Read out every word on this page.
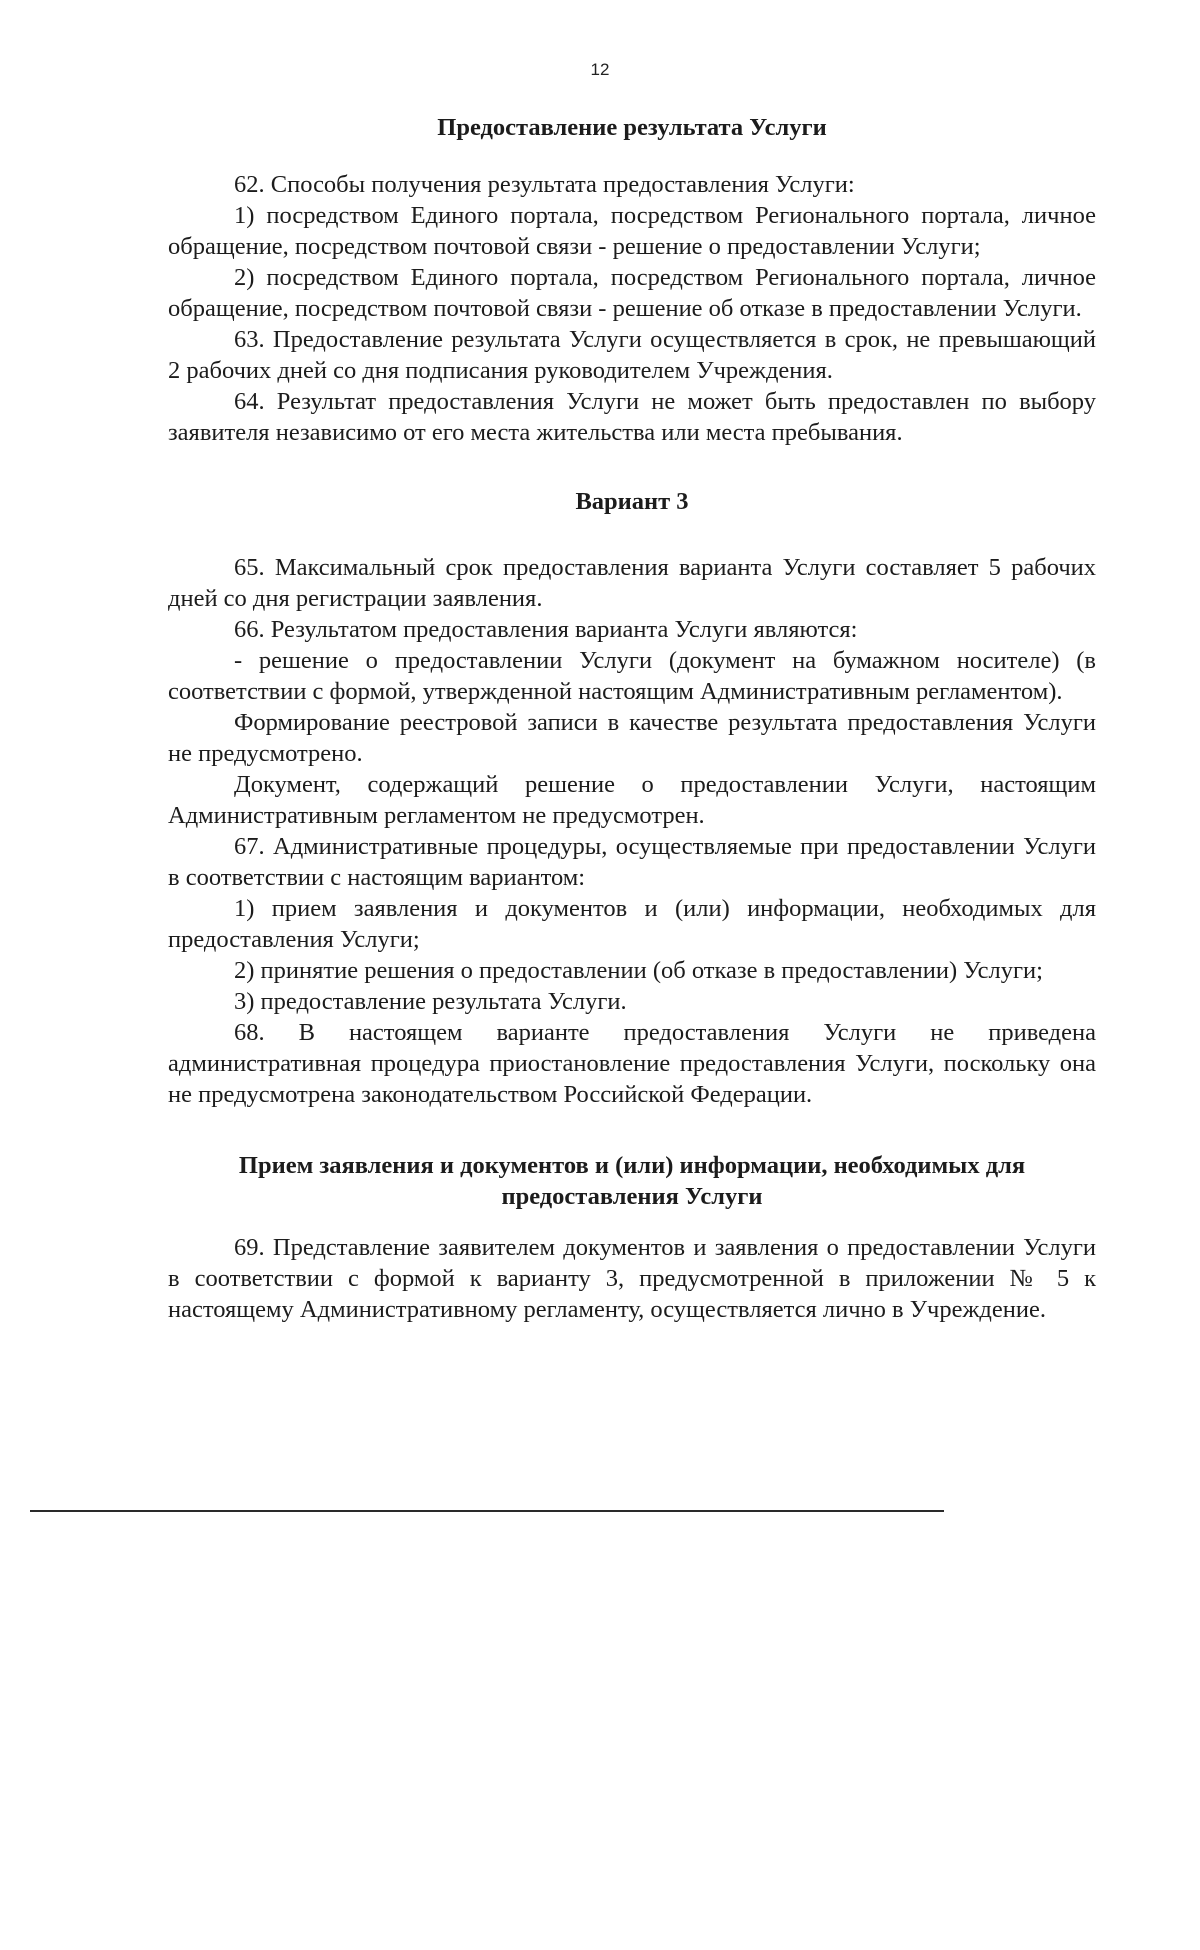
12

Предоставление результата Услуги

62. Способы получения результата предоставления Услуги:

1) посредством Единого портала, посредством Регионального портала, личное обращение, посредством почтовой связи - решение о предоставлении Услуги;

2) посредством Единого портала, посредством Регионального портала, личное обращение, посредством почтовой связи - решение об отказе в предоставлении Услуги.

63. Предоставление результата Услуги осуществляется в срок, не превышающий 2 рабочих дней со дня подписания руководителем Учреждения.

64. Результат предоставления Услуги не может быть предоставлен по выбору заявителя независимо от его места жительства или места пребывания.

Вариант 3

65. Максимальный срок предоставления варианта Услуги составляет 5 рабочих дней со дня регистрации заявления.

66. Результатом предоставления варианта Услуги являются:

- решение о предоставлении Услуги (документ на бумажном носителе) (в соответствии с формой, утвержденной настоящим Административным регламентом).

Формирование реестровой записи в качестве результата предоставления Услуги не предусмотрено.

Документ, содержащий решение о предоставлении Услуги, настоящим Административным регламентом не предусмотрен.

67. Административные процедуры, осуществляемые при предоставлении Услуги в соответствии с настоящим вариантом:

1) прием заявления и документов и (или) информации, необходимых для предоставления Услуги;

2) принятие решения о предоставлении (об отказе в предоставлении) Услуги;

3) предоставление результата Услуги.

68. В настоящем варианте предоставления Услуги не приведена административная процедура приостановление предоставления Услуги, поскольку она не предусмотрена законодательством Российской Федерации.

Прием заявления и документов и (или) информации, необходимых для предоставления Услуги

69. Представление заявителем документов и заявления о предоставлении Услуги в соответствии с формой к варианту 3, предусмотренной в приложении № 5 к настоящему Административному регламенту, осуществляется лично в Учреждение.
